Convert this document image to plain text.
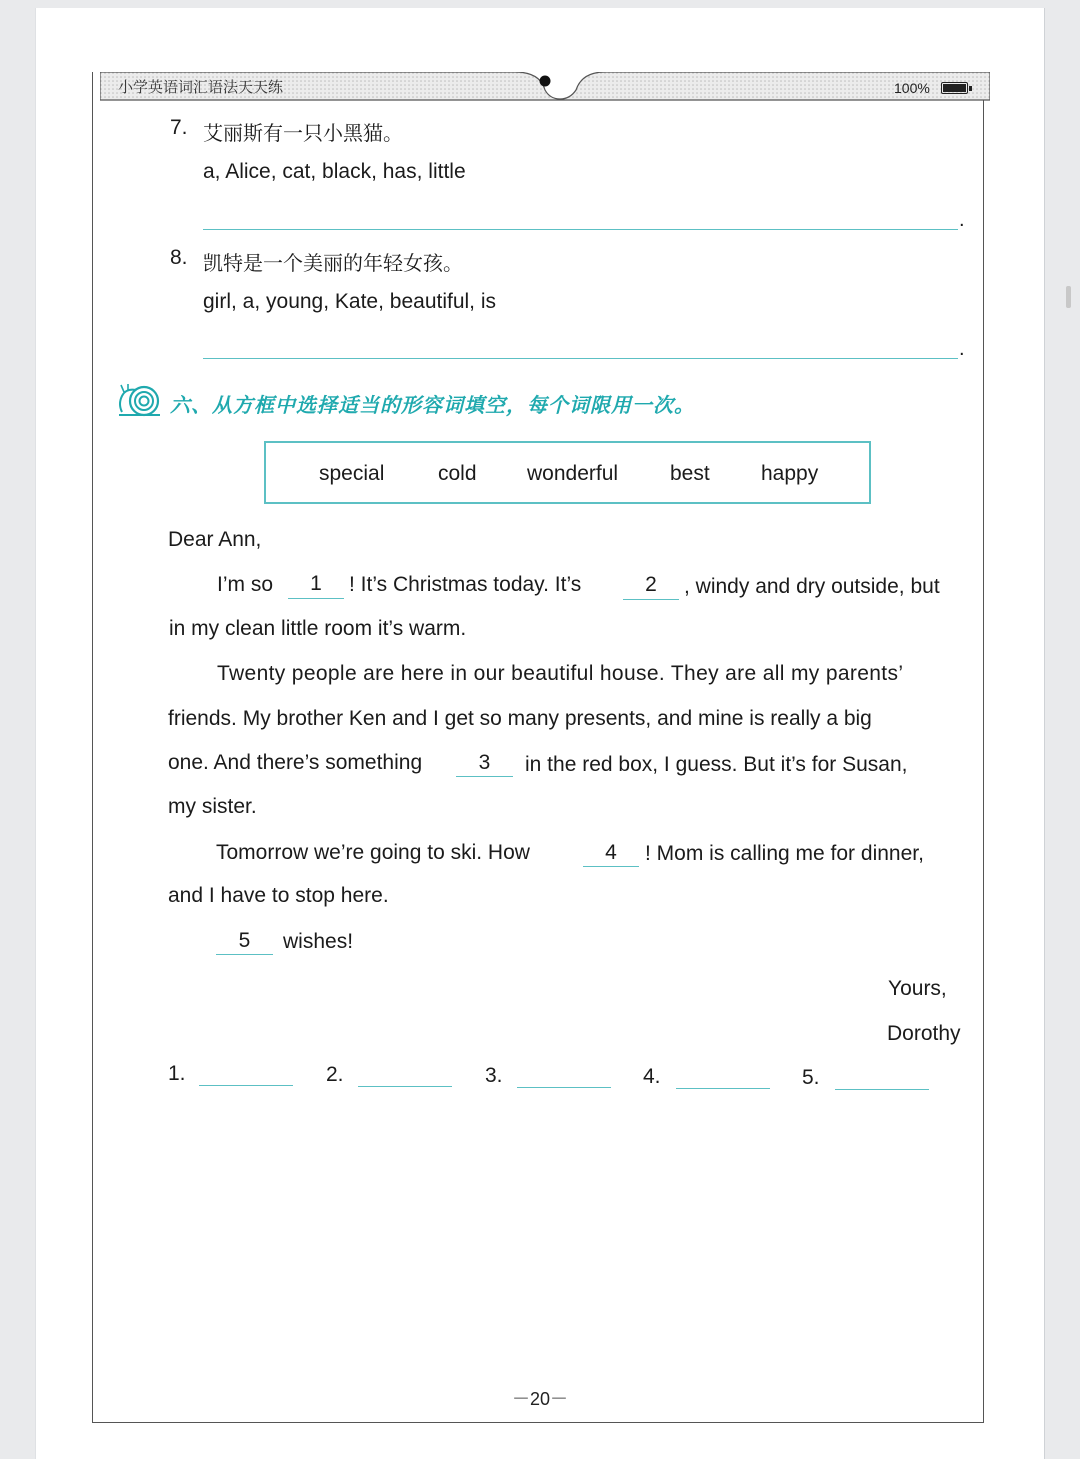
小学英语词汇语法天天练	100%
7. 艾丽斯有一只小黑猫。
a, Alice, cat, black, has, little
.
8. 凯特是一个美丽的年轻女孩。
girl, a, young, Kate, beautiful, is
.
六、从方框中选择适当的形容词填空，每个词限用一次。
special	cold wonderful best happy
Dear Ann,
I’m so	1	! It’s Christmas today. It’s	2	, windy and dry outside, but
in my clean little room it’s warm.
Twenty people are here in our beautiful house. They are all my parents’
friends. My brother Ken and I get so many presents, and mine is really a big
one. And there’s something	3	in the red box, I guess. But it’s for Susan,
my sister.
Tomorrow we’re going to ski. How	4	! Mom is calling me for dinner,
and I have to stop here.
5	wishes!
Yours,
Dorothy
1.	2.	3.	4.	5.
－20－
